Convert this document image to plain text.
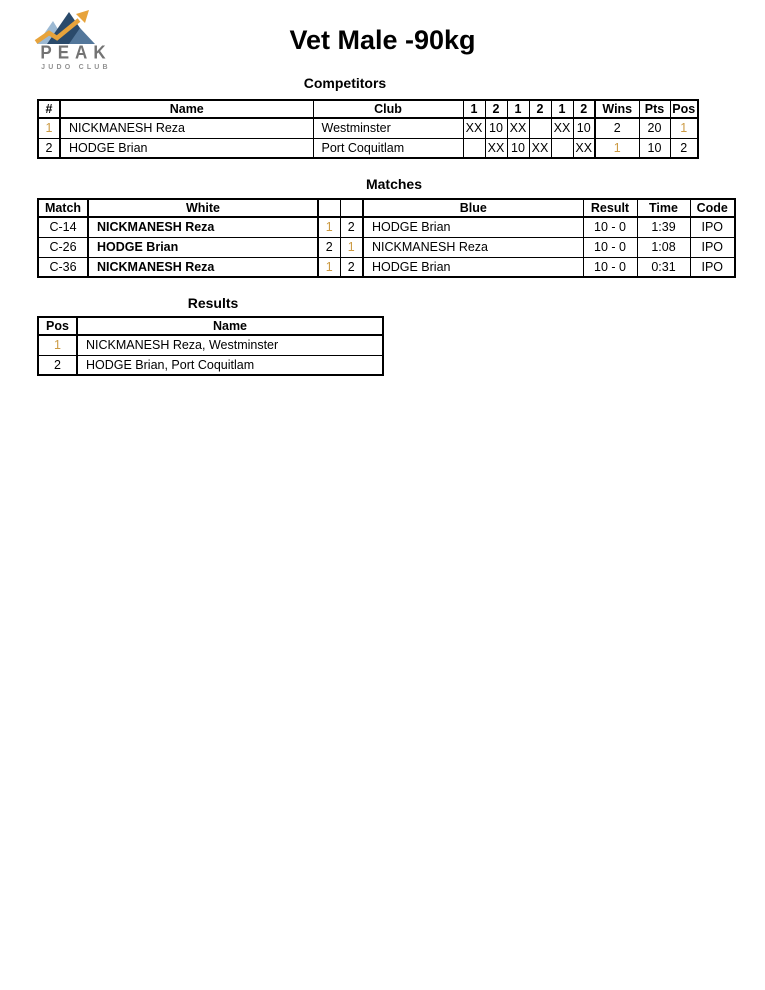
PEAK
JUDO CLUB
Vet Male -90kg
Competitors
#	Name	Club	1	2	1	2	1	2	Wins	Pts	Pos
1	NICKMANESH Reza	Westminster	XX	10	XX		XX	10	2	20	1
2	HODGE Brian	Port Coquitlam		XX	10	XX		XX	1	10	2
Matches
Match	White			Blue	Result	Time	Code
C-14	NICKMANESH Reza	1	2	HODGE Brian	10 - 0	1:39	IPO
C-26	HODGE Brian	2	1	NICKMANESH Reza	10 - 0	1:08	IPO
C-36	NICKMANESH Reza	1	2	HODGE Brian	10 - 0	0:31	IPO
Results
Pos	Name
1	NICKMANESH Reza, Westminster
2	HODGE Brian, Port Coquitlam
